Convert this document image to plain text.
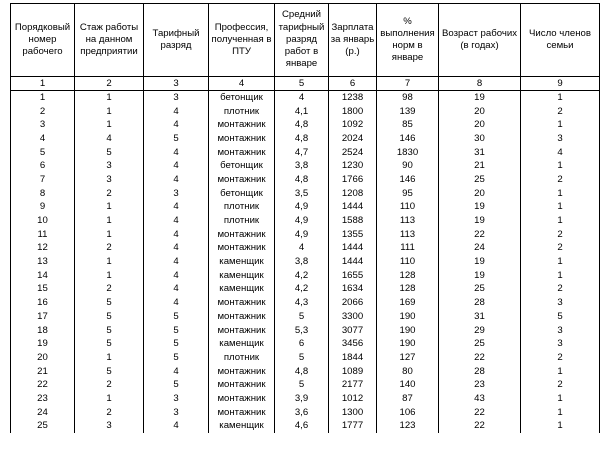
Порядковый номер рабочего	Стаж работы на данном предприятии	Тарифный разряд	Профессия, полученная в ПТУ	Средний тарифный разряд работ в январе	Зарплата за январь (р.)	% выполнения норм в январе	Возраст рабочих (в годах)	Число членов семьи

1	2	3	4	5	6	7	8	9
1	1	3	бетонщик	4	1238	98	19	1
2	1	4	плотник	4,1	1800	139	20	2
3	1	4	монтажник	4,8	1092	85	20	1
4	4	5	монтажник	4,8	2024	146	30	3
5	5	4	монтажник	4,7	2524	1830	31	4
6	3	4	бетонщик	3,8	1230	90	21	1
7	3	4	монтажник	4,8	1766	146	25	2
8	2	3	бетонщик	3,5	1208	95	20	1
9	1	4	плотник	4,9	1444	110	19	1
10	1	4	плотник	4,9	1588	113	19	1
11	1	4	монтажник	4,9	1355	113	22	2
12	2	4	монтажник	4	1444	111	24	2
13	1	4	каменщик	3,8	1444	110	19	1
14	1	4	каменщик	4,2	1655	128	19	1
15	2	4	каменщик	4,2	1634	128	25	2
16	5	4	монтажник	4,3	2066	169	28	3
17	5	5	монтажник	5	3300	190	31	5
18	5	5	монтажник	5,3	3077	190	29	3
19	5	5	каменщик	6	3456	190	25	3
20	1	5	плотник	5	1844	127	22	2
21	5	4	монтажник	4,8	1089	80	28	1
22	2	5	монтажник	5	2177	140	23	2
23	1	3	монтажник	3,9	1012	87	43	1
24	2	3	монтажник	3,6	1300	106	22	1
25	3	4	каменщик	4,6	1777	123	22	1
